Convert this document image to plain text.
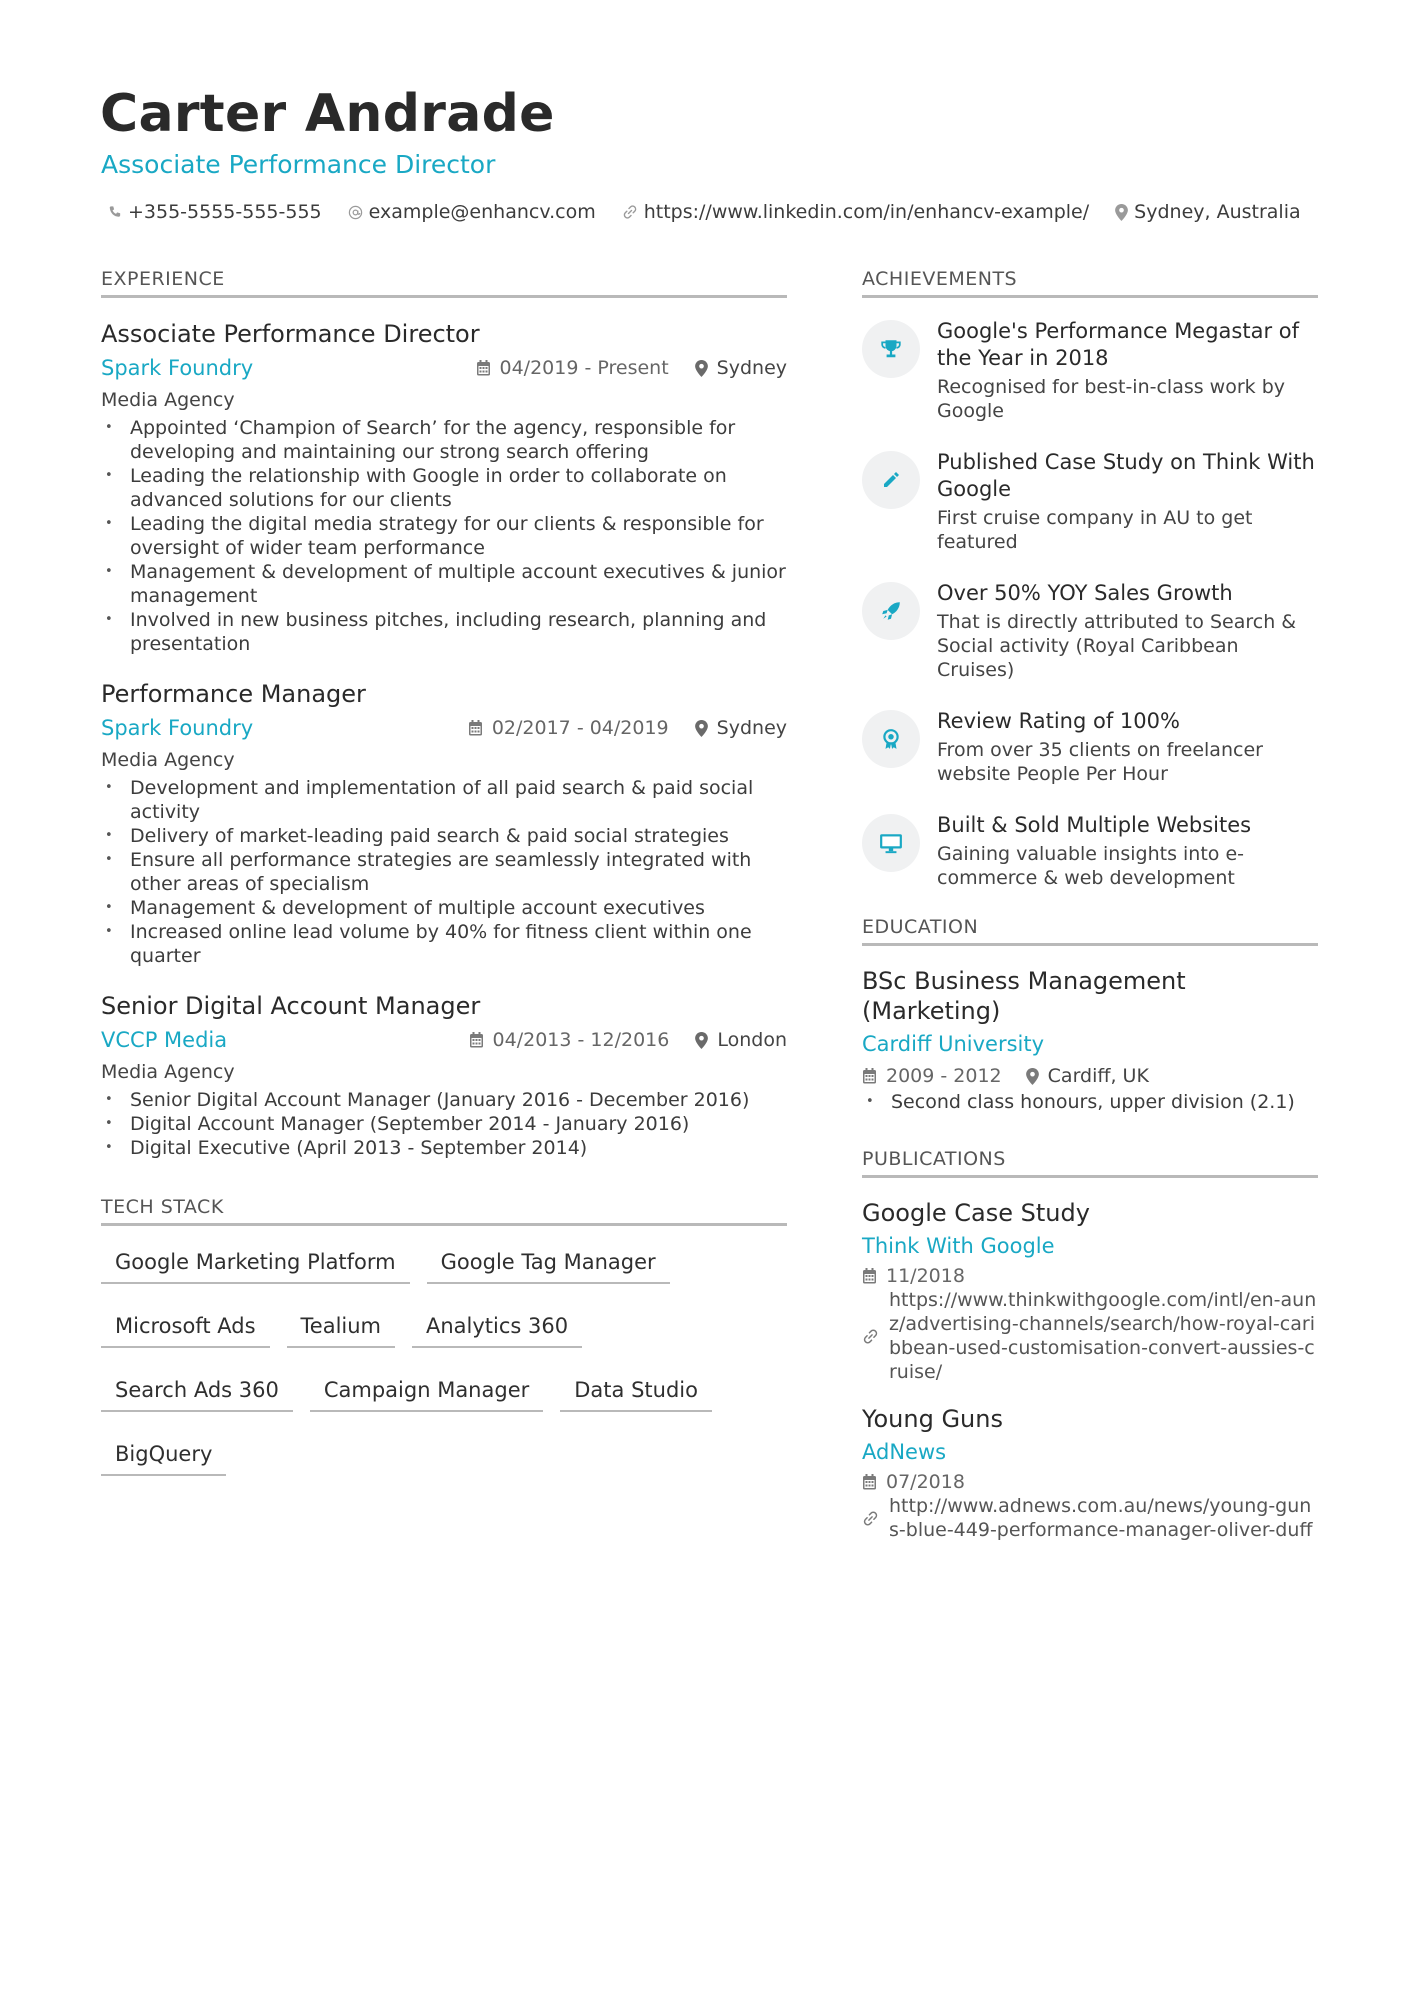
Carter Andrade
Associate Performance Director
+355-5555-555-555 example@enhancv.com	https://www.linkedin.com/in/enhancv-example/ Sydney, Australia
EXPERIENCE
Associate Performance Director
Spark Foundry	04/2019 - Present	Sydney
Media Agency
• Appointed ‘Champion of Search’ for the agency, responsible for developing and maintaining our strong search offering
• Leading the relationship with Google in order to collaborate on advanced solutions for our clients
• Leading the digital media strategy for our clients & responsible for oversight of wider team performance
• Management & development of multiple account executives & junior management
• Involved in new business pitches, including research, planning and presentation
Performance Manager
Spark Foundry	02/2017 - 04/2019	Sydney
Media Agency
• Development and implementation of all paid search & paid social activity
• Delivery of market-leading paid search & paid social strategies
• Ensure all performance strategies are seamlessly integrated with other areas of specialism
• Management & development of multiple account executives
• Increased online lead volume by 40% for fitness client within one quarter
Senior Digital Account Manager
VCCP Media	04/2013 - 12/2016	London
Media Agency
• Senior Digital Account Manager (January 2016 - December 2016)
• Digital Account Manager (September 2014 - January 2016)
• Digital Executive (April 2013 - September 2014)
TECH STACK
Google Marketing Platform	Google Tag Manager
Microsoft Ads	Tealium	Analytics 360
Search Ads 360	Campaign Manager	Data Studio
BigQuery
ACHIEVEMENTS
Google's Performance Megastar of the Year in 2018
Recognised for best-in-class work by Google
Published Case Study on Think With Google
First cruise company in AU to get featured
Over 50% YOY Sales Growth
That is directly attributed to Search & Social activity (Royal Caribbean Cruises)
Review Rating of 100%
From over 35 clients on freelancer website People Per Hour
Built & Sold Multiple Websites
Gaining valuable insights into e-commerce & web development
EDUCATION
BSc Business Management (Marketing)
Cardiff University
2009 - 2012 Cardiff, UK
• Second class honours, upper division (2.1)
PUBLICATIONS
Google Case Study
Think With Google
11/2018
https://www.thinkwithgoogle.com/intl/en-aunz/advertising-channels/search/how-royal-caribbean-used-customisation-convert-aussies-cruise/
Young Guns
AdNews
07/2018
http://www.adnews.com.au/news/young-guns-blue-449-performance-manager-oliver-duff
